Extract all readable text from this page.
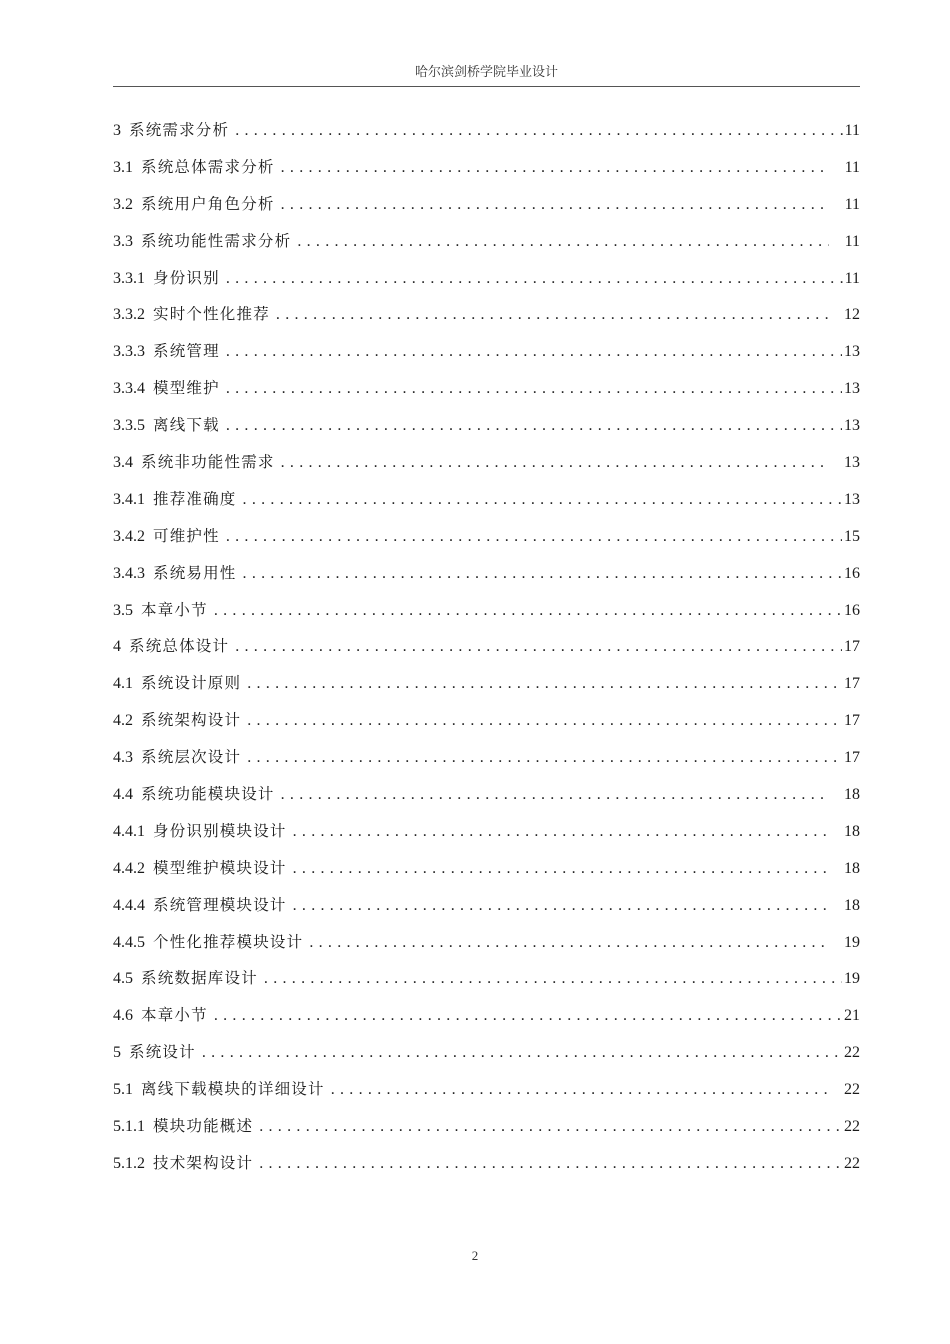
哈尔滨剑桥学院毕业设计
3 系统需求分析 . . .	11
3.1 系统总体需求分析 . . .	11
3.2 系统用户角色分析 . . .	11
3.3 系统功能性需求分析 . . .	11
3.3.1 身份识别 . . .	11
3.3.2 实时个性化推荐 . . .	12
3.3.3 系统管理 . . .	13
3.3.4 模型维护 . . .	13
3.3.5 离线下载 . . .	13
3.4 系统非功能性需求 . . .	13
3.4.1 推荐准确度 . . .	13
3.4.2 可维护性 . . .	15
3.4.3 系统易用性 . . .	16
3.5 本章小节 . . .	16
4 系统总体设计 . . .	17
4.1 系统设计原则 . . .	17
4.2 系统架构设计 . . .	17
4.3 系统层次设计 . . .	17
4.4 系统功能模块设计 . . .	18
4.4.1 身份识别模块设计 . . .	18
4.4.2 模型维护模块设计 . . .	18
4.4.4 系统管理模块设计 . . .	18
4.4.5 个性化推荐模块设计 . . .	19
4.5 系统数据库设计 . . .	19
4.6 本章小节 . . .	21
5 系统设计 . . .	22
5.1 离线下载模块的详细设计 . . .	22
5.1.1 模块功能概述 . . .	22
5.1.2 技术架构设计 . . .	22
2
